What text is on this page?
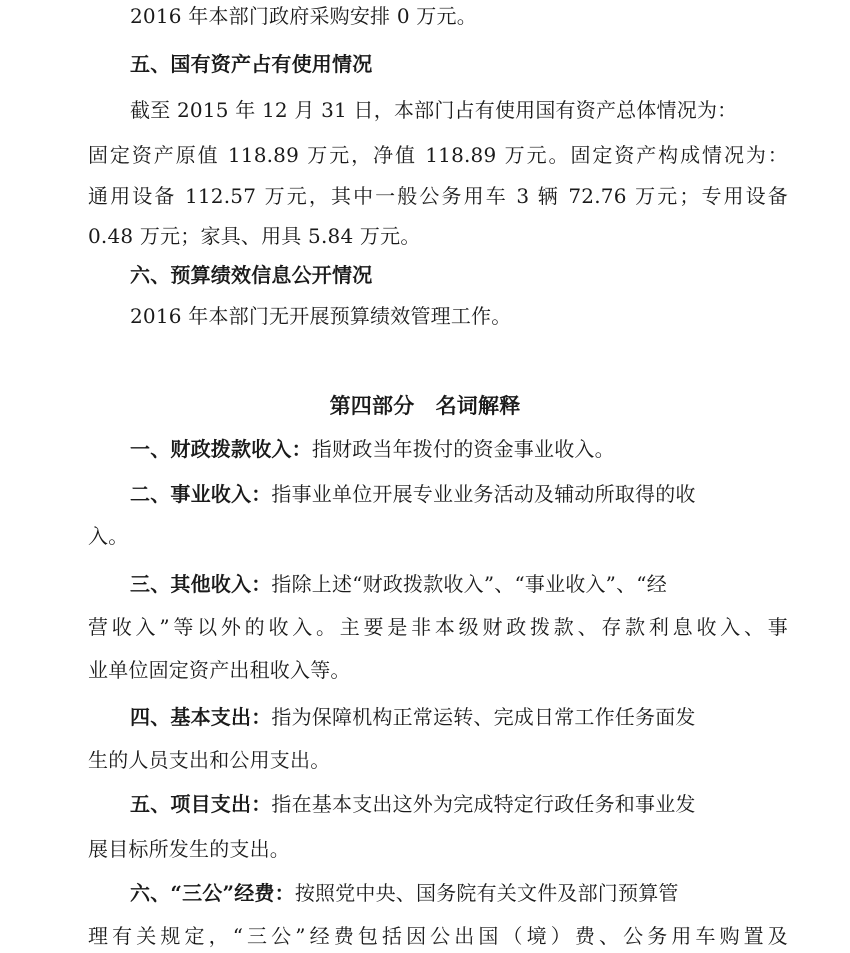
2016 年本部门政府采购安排 0 万元。
五、国有资产占有使用情况
截至 2015 年 12 月 31 日，本部门占有使用国有资产总体情况为：
固定资产原值 118.89 万元，净值 118.89 万元。固定资产构成情况为：
通用设备 112.57 万元，其中一般公务用车 3 辆 72.76 万元；专用设备
0.48 万元；家具、用具 5.84 万元。
六、预算绩效信息公开情况
2016 年本部门无开展预算绩效管理工作。
第四部分　名词解释
一、财政拨款收入：指财政当年拨付的资金事业收入。
二、事业收入：指事业单位开展专业业务活动及辅动所取得的收
入。
三、其他收入：指除上述“财政拨款收入”、“事业收入”、“经
营收入”等以外的收入。主要是非本级财政拨款、存款利息收入、事
业单位固定资产出租收入等。
四、基本支出：指为保障机构正常运转、完成日常工作任务面发
生的人员支出和公用支出。
五、项目支出：指在基本支出这外为完成特定行政任务和事业发
展目标所发生的支出。
六、“三公”经费：按照党中央、国务院有关文件及部门预算管
理有关规定，“三公”经费包括因公出国（境）费、公务用车购置及
